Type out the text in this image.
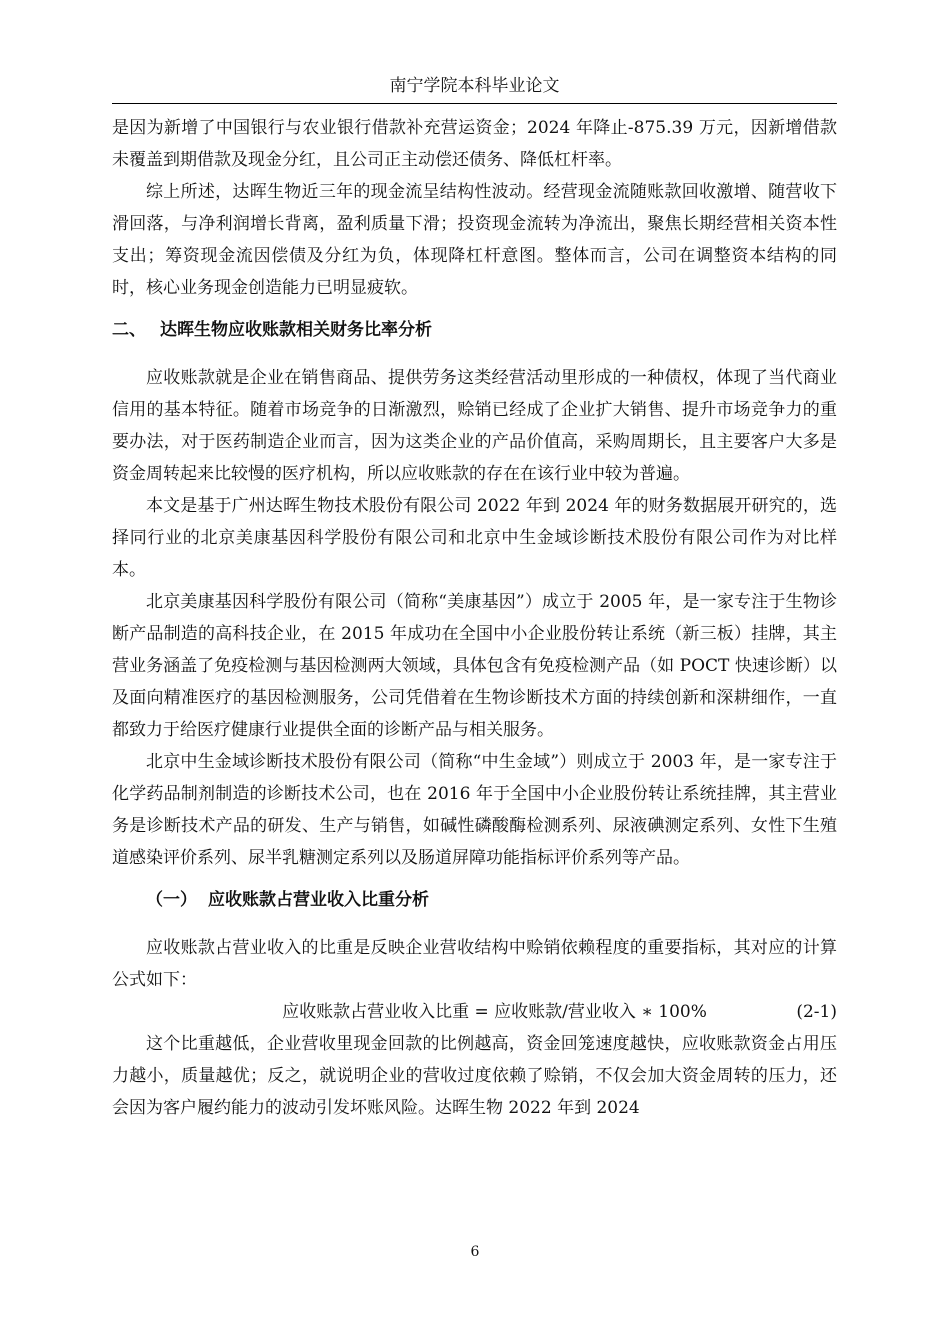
南宁学院本科毕业论文

是因为新增了中国银行与农业银行借款补充营运资金；2024 年降止-875.39 万元，因新增借款未覆盖到期借款及现金分红，且公司正主动偿还债务、降低杠杆率。

综上所述，达晖生物近三年的现金流呈结构性波动。经营现金流随账款回收激增、随营收下滑回落，与净利润增长背离，盈利质量下滑；投资现金流转为净流出，聚焦长期经营相关资本性支出；筹资现金流因偿债及分红为负，体现降杠杆意图。整体而言，公司在调整资本结构的同时，核心业务现金创造能力已明显疲软。

二、 达晖生物应收账款相关财务比率分析

应收账款就是企业在销售商品、提供劳务这类经营活动里形成的一种债权，体现了当代商业信用的基本特征。随着市场竞争的日渐激烈，赊销已经成了企业扩大销售、提升市场竞争力的重要办法，对于医药制造企业而言，因为这类企业的产品价值高，采购周期长，且主要客户大多是资金周转起来比较慢的医疗机构，所以应收账款的存在在该行业中较为普遍。

本文是基于广州达晖生物技术股份有限公司 2022 年到 2024 年的财务数据展开研究的，选择同行业的北京美康基因科学股份有限公司和北京中生金域诊断技术股份有限公司作为对比样本。

北京美康基因科学股份有限公司（简称“美康基因”）成立于 2005 年，是一家专注于生物诊断产品制造的高科技企业，在 2015 年成功在全国中小企业股份转让系统（新三板）挂牌，其主营业务涵盖了免疫检测与基因检测两大领域，具体包含有免疫检测产品（如 POCT 快速诊断）以及面向精准医疗的基因检测服务，公司凭借着在生物诊断技术方面的持续创新和深耕细作，一直都致力于给医疗健康行业提供全面的诊断产品与相关服务。

北京中生金域诊断技术股份有限公司（简称“中生金域”）则成立于 2003 年，是一家专注于化学药品制剂制造的诊断技术公司，也在 2016 年于全国中小企业股份转让系统挂牌，其主营业务是诊断技术产品的研发、生产与销售，如碱性磷酸酶检测系列、尿液碘测定系列、女性下生殖道感染评价系列、尿半乳糖测定系列以及肠道屏障功能指标评价系列等产品。

（一） 应收账款占营业收入比重分析

应收账款占营业收入的比重是反映企业营收结构中赊销依赖程度的重要指标，其对应的计算公式如下：

应收账款占营业收入比重 = 应收账款/营业收入 ∗ 100%	(2-1)

这个比重越低，企业营收里现金回款的比例越高，资金回笼速度越快，应收账款资金占用压力越小，质量越优；反之，就说明企业的营收过度依赖了赊销，不仅会加大资金周转的压力，还会因为客户履约能力的波动引发坏账风险。达晖生物 2022 年到 2024

6
